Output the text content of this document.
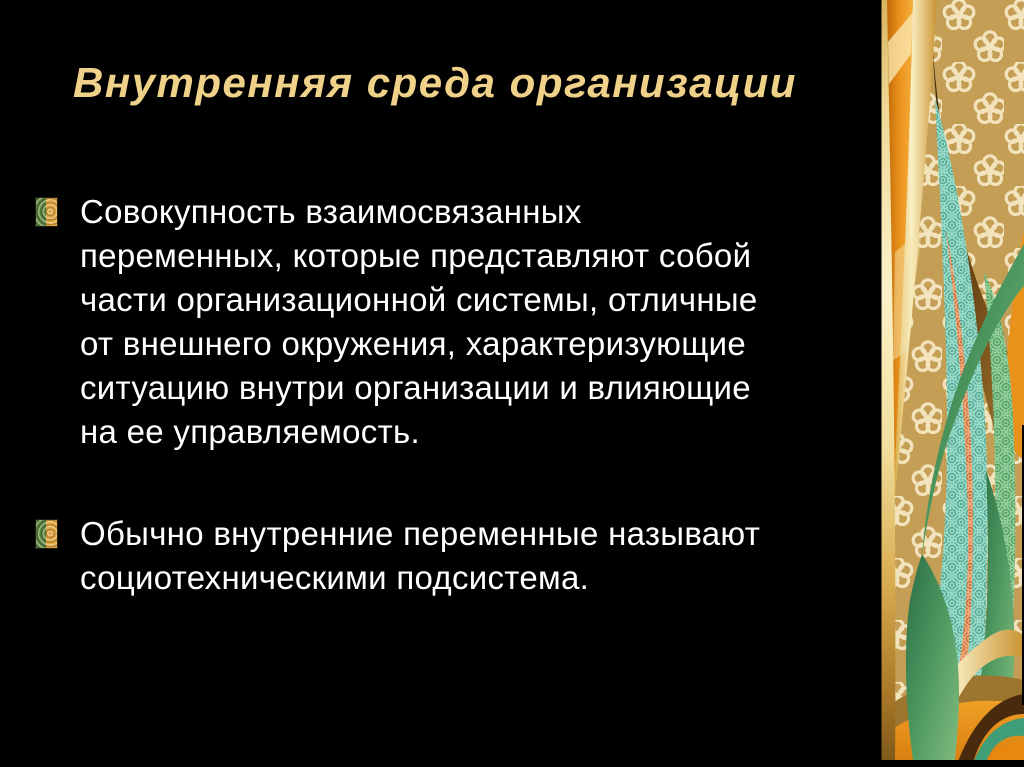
Внутренняя среда организации
Совокупность взаимосвязанных
переменных, которые представляют собой
части организационной системы, отличные
от внешнего окружения, характеризующие
ситуацию внутри организации и влияющие
на ее управляемость.
Обычно внутренние переменные называют
социотехническими подсистема.
